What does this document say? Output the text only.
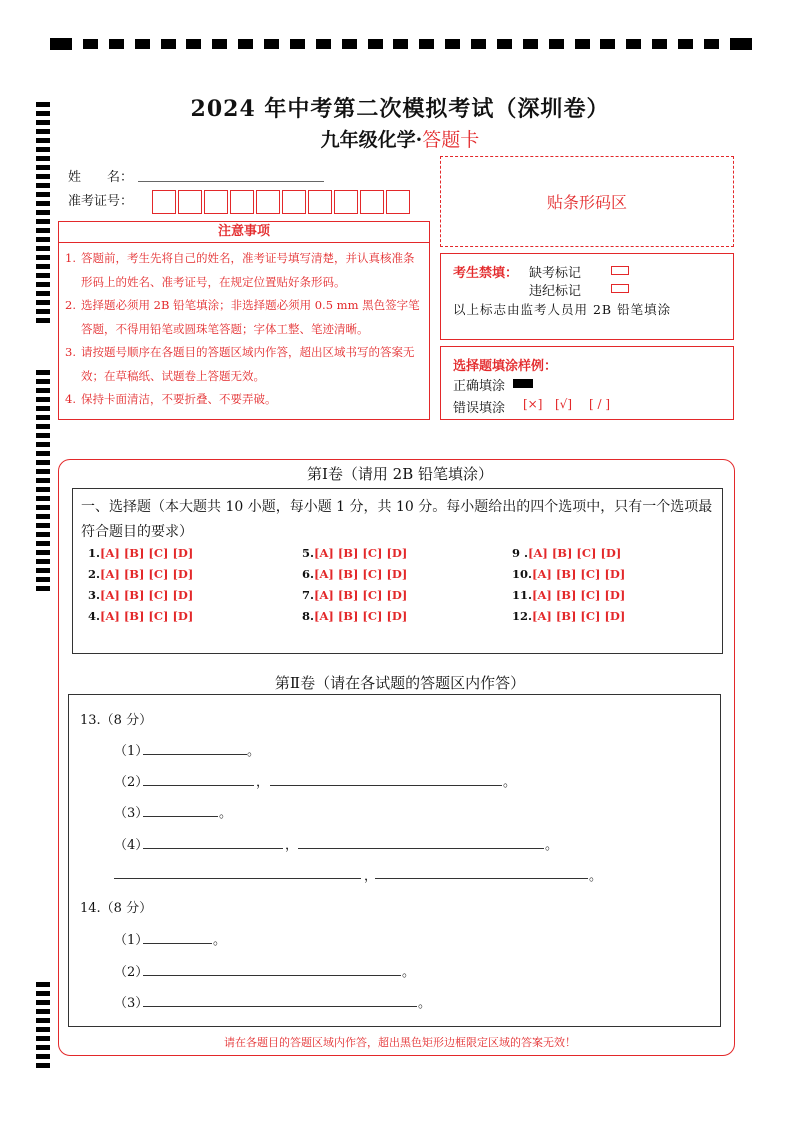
2024 年中考第二次模拟考试（深圳卷）
九年级化学·答题卡
姓　　名：
准考证号：	贴条形码区
注意事项
1. 答题前，考生先将自己的姓名，准考证号填写清楚，并认真核准条形码上的姓名、准考证号，在规定位置贴好条形码。
2. 选择题必须用 2B 铅笔填涂；非选择题必须用 0.5 mm 黑色签字笔答题，不得用铅笔或圆珠笔答题；字体工整、笔迹清晰。
3. 请按题号顺序在各题目的答题区域内作答，超出区域书写的答案无效；在草稿纸、试题卷上答题无效。
4. 保持卡面清洁，不要折叠、不要弄破。
考生禁填： 缺考标记
违纪标记
以上标志由监考人员用 2B 铅笔填涂
选择题填涂样例：
正确填涂
错误填涂 [×] [√] [ / ]
第Ⅰ卷（请用 2B 铅笔填涂）
一、选择题（本大题共 10 小题，每小题 1 分，共 10 分。每小题给出的四个选项中，只有一个选项最符合题目的要求）
1.[A] [B] [C] [D]
2.[A] [B] [C] [D]
3.[A] [B] [C] [D]
4.[A] [B] [C] [D]
5.[A] [B] [C] [D]
6.[A] [B] [C] [D]
7.[A] [B] [C] [D]
8.[A] [B] [C] [D]
9 .[A] [B] [C] [D]
10.[A] [B] [C] [D]
11.[A] [B] [C] [D]
12.[A] [B] [C] [D]
第Ⅱ卷（请在各试题的答题区内作答）
13.（8 分）
（1）	。
（2）	，	。
（3）	。
（4）	，	。
，	。
14.（8 分）
（1）	。
（2）	。
（3）	。
请在各题目的答题区域内作答，超出黑色矩形边框限定区域的答案无效！
